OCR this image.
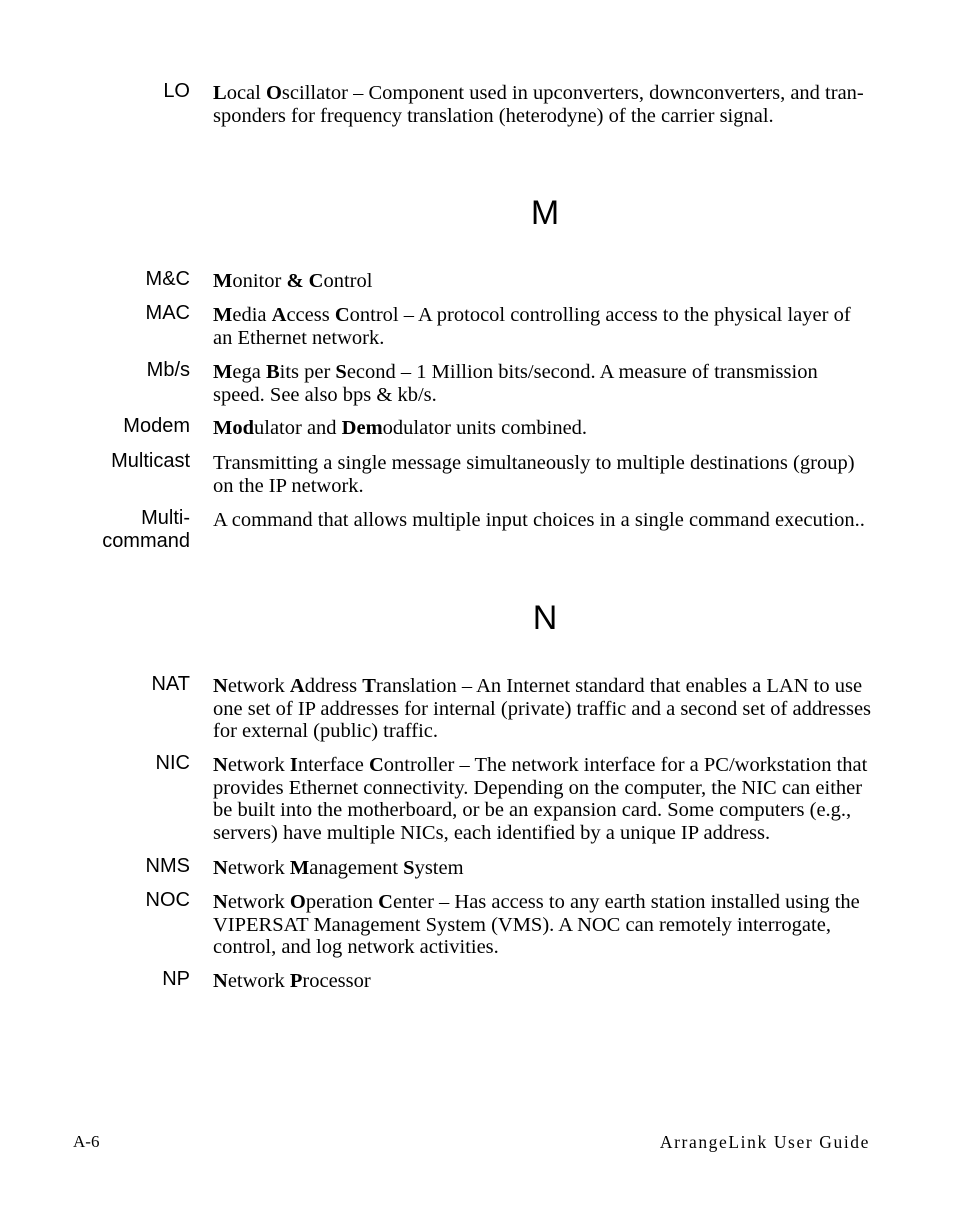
LO Local Oscillator – Component used in upconverters, downconverters, and tran-
sponders for frequency translation (heterodyne) of the carrier signal.
M
M&C Monitor & Control
MAC Media Access Control – A protocol controlling access to the physical layer of
an Ethernet network.
Mb/s Mega Bits per Second – 1 Million bits/second. A measure of transmission
speed. See also bps & kb/s.
Modem Modulator and Demodulator units combined.
Multicast Transmitting a single message simultaneously to multiple destinations (group)
on the IP network.
Multi-
command
A command that allows multiple input choices in a single command execution..
N
NAT Network Address Translation – An Internet standard that enables a LAN to use
one set of IP addresses for internal (private) traffic and a second set of addresses
for external (public) traffic.
NIC Network Interface Controller – The network interface for a PC/workstation that
provides Ethernet connectivity. Depending on the computer, the NIC can either
be built into the motherboard, or be an expansion card. Some computers (e.g.,
servers) have multiple NICs, each identified by a unique IP address.
NMS Network Management System
NOC Network Operation Center – Has access to any earth station installed using the
VIPERSAT Management System (VMS). A NOC can remotely interrogate,
control, and log network activities.
NP Network Processor
A-6	ArrangeLink User Guide
